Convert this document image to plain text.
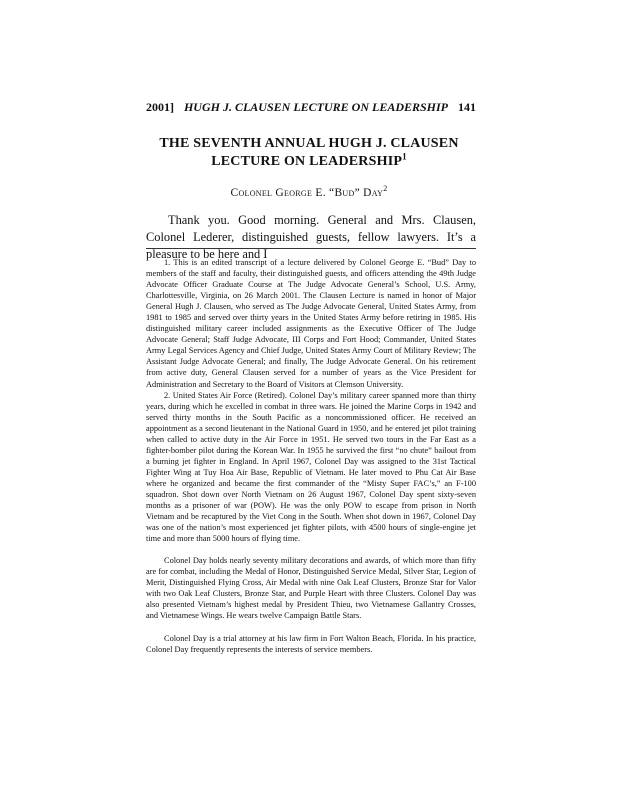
2001] HUGH J. CLAUSEN LECTURE ON LEADERSHIP 141
THE SEVENTH ANNUAL HUGH J. CLAUSEN
LECTURE ON LEADERSHIP$^1$
Colonel George E. “Bud” Day$^2$

Thank you. Good morning. General and Mrs. Clausen, Colonel Lederer, distinguished guests, fellow lawyers. It’s a pleasure to be here and I

1. This is an edited transcript of a lecture delivered by Colonel George E. “Bud” Day to members of the staff and faculty, their distinguished guests, and officers attending the 49th Judge Advocate Officer Graduate Course at The Judge Advocate General’s School, U.S. Army, Charlottesville, Virginia, on 26 March 2001. The Clausen Lecture is named in honor of Major General Hugh J. Clausen, who served as The Judge Advocate General, United States Army, from 1981 to 1985 and served over thirty years in the United States Army before retiring in 1985. His distinguished military career included assignments as the Executive Officer of The Judge Advocate General; Staff Judge Advocate, III Corps and Fort Hood; Commander, United States Army Legal Services Agency and Chief Judge, United States Army Court of Military Review; The Assistant Judge Advocate General; and finally, The Judge Advocate General. On his retirement from active duty, General Clausen served for a number of years as the Vice President for Administration and Secretary to the Board of Visitors at Clemson University.

2. United States Air Force (Retired). Colonel Day’s military career spanned more than thirty years, during which he excelled in combat in three wars. He joined the Marine Corps in 1942 and served thirty months in the South Pacific as a noncommissioned officer. He received an appointment as a second lieutenant in the National Guard in 1950, and he entered jet pilot training when called to active duty in the Air Force in 1951. He served two tours in the Far East as a fighter-bomber pilot during the Korean War. In 1955 he survived the first “no chute” bailout from a burning jet fighter in England. In April 1967, Colonel Day was assigned to the 31st Tactical Fighter Wing at Tuy Hoa Air Base, Republic of Vietnam. He later moved to Phu Cat Air Base where he organized and became the first commander of the “Misty Super FAC’s,” an F-100 squadron. Shot down over North Vietnam on 26 August 1967, Colonel Day spent sixty-seven months as a prisoner of war (POW). He was the only POW to escape from prison in North Vietnam and be recaptured by the Viet Cong in the South. When shot down in 1967, Colonel Day was one of the nation’s most experienced jet fighter pilots, with 4500 hours of single-engine jet time and more than 5000 hours of flying time.

Colonel Day holds nearly seventy military decorations and awards, of which more than fifty are for combat, including the Medal of Honor, Distinguished Service Medal, Silver Star, Legion of Merit, Distinguished Flying Cross, Air Medal with nine Oak Leaf Clusters, Bronze Star for Valor with two Oak Leaf Clusters, Bronze Star, and Purple Heart with three Clusters. Colonel Day was also presented Vietnam’s highest medal by President Thieu, two Vietnamese Gallantry Crosses, and Vietnamese Wings. He wears twelve Campaign Battle Stars.

Colonel Day is a trial attorney at his law firm in Fort Walton Beach, Florida. In his practice, Colonel Day frequently represents the interests of service members.
